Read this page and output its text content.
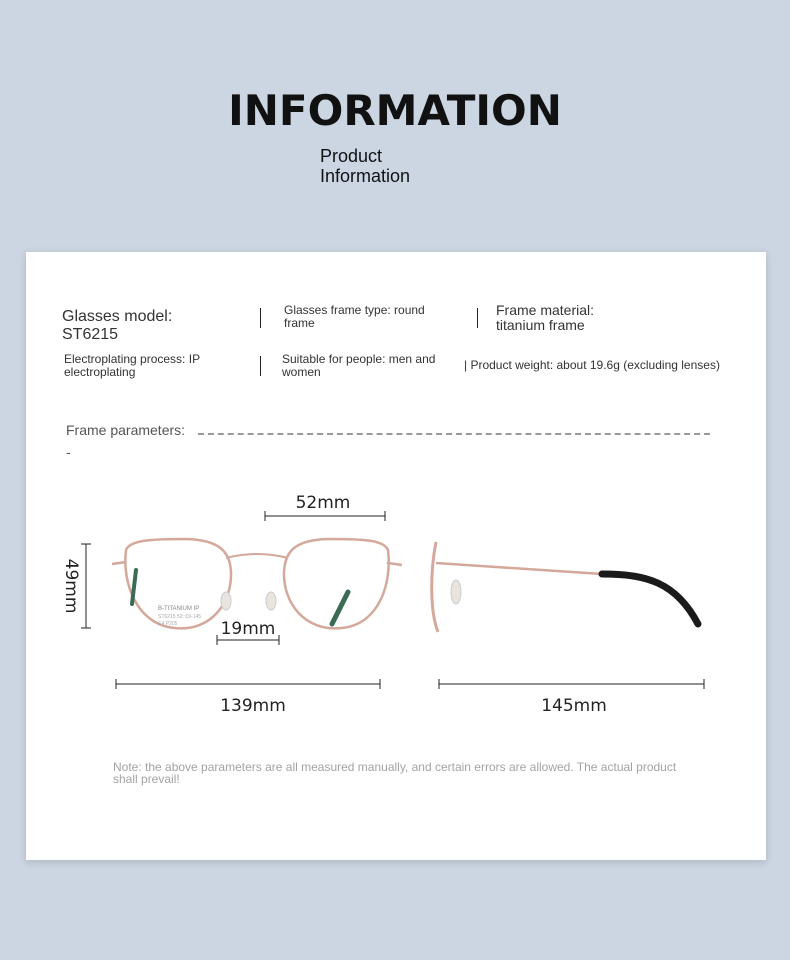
INFORMATION
Product Information
Glasses model: ST6215
Glasses frame type: round frame
Frame material: titanium frame
Electroplating process: IP electroplating
Suitable for people: men and women	| Product weight: about 19.6g (excluding lenses)
Frame parameters:
-
B-TITANIUM IP
ST6215 52□19-145
C4 P205
52mm
49mm
19mm
139mm	145mm
Note: the above parameters are all measured manually, and certain errors are allowed. The actual product shall prevail!
